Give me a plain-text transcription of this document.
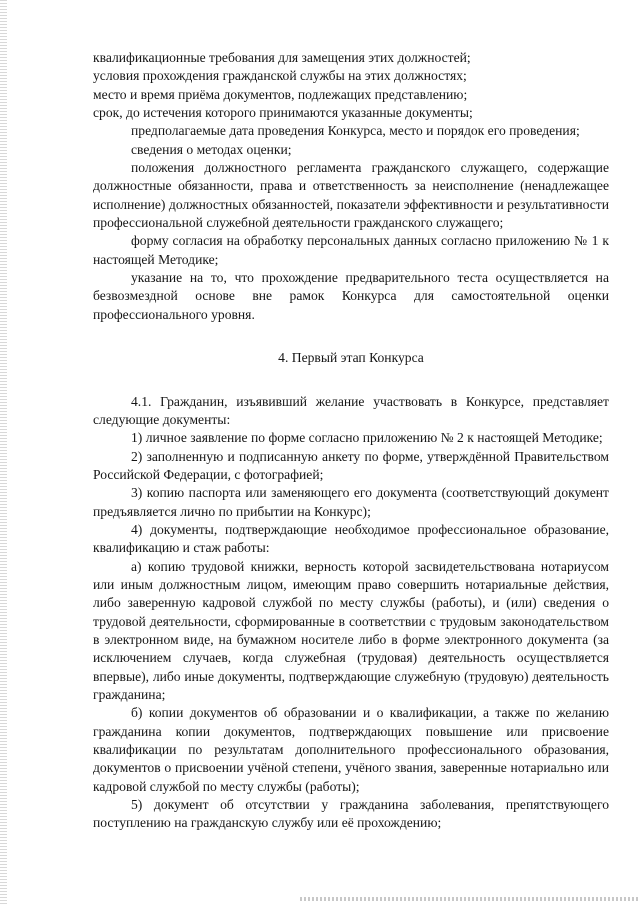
квалификационные требования для замещения этих должностей;

условия прохождения гражданской службы на этих должностях;

место и время приёма документов, подлежащих представлению;

срок, до истечения которого принимаются указанные документы;

предполагаемые дата проведения Конкурса, место и порядок его проведения;

сведения о методах оценки;

положения должностного регламента гражданского служащего, содержащие должностные обязанности, права и ответственность за неисполнение (ненадлежащее исполнение) должностных обязанностей, показатели эффективности и результативности профессиональной служебной деятельности гражданского служащего;

форму согласия на обработку персональных данных согласно приложению № 1 к настоящей Методике;

указание на то, что прохождение предварительного теста осуществляется на безвозмездной основе вне рамок Конкурса для самостоятельной оценки профессионального уровня.

4. Первый этап Конкурса

4.1. Гражданин, изъявивший желание участвовать в Конкурсе, представляет следующие документы:

1) личное заявление по форме согласно приложению № 2 к настоящей Методике;

2) заполненную и подписанную анкету по форме, утверждённой Правительством Российской Федерации, с фотографией;

3) копию паспорта или заменяющего его документа (соответствующий документ предъявляется лично по прибытии на Конкурс);

4) документы, подтверждающие необходимое профессиональное образование, квалификацию и стаж работы:

а) копию трудовой книжки, верность которой засвидетельствована нотариусом или иным должностным лицом, имеющим право совершить нотариальные действия, либо заверенную кадровой службой по месту службы (работы), и (или) сведения о трудовой деятельности, сформированные в соответствии с трудовым законодательством в электронном виде, на бумажном носителе либо в форме электронного документа (за исключением случаев, когда служебная (трудовая) деятельность осуществляется впервые), либо иные документы, подтверждающие служебную (трудовую) деятельность гражданина;

б) копии документов об образовании и о квалификации, а также по желанию гражданина копии документов, подтверждающих повышение или присвоение квалификации по результатам дополнительного профессионального образования, документов о присвоении учёной степени, учёного звания, заверенные нотариально или кадровой службой по месту службы (работы);

5) документ об отсутствии у гражданина заболевания, препятствующего поступлению на гражданскую службу или её прохождению;
